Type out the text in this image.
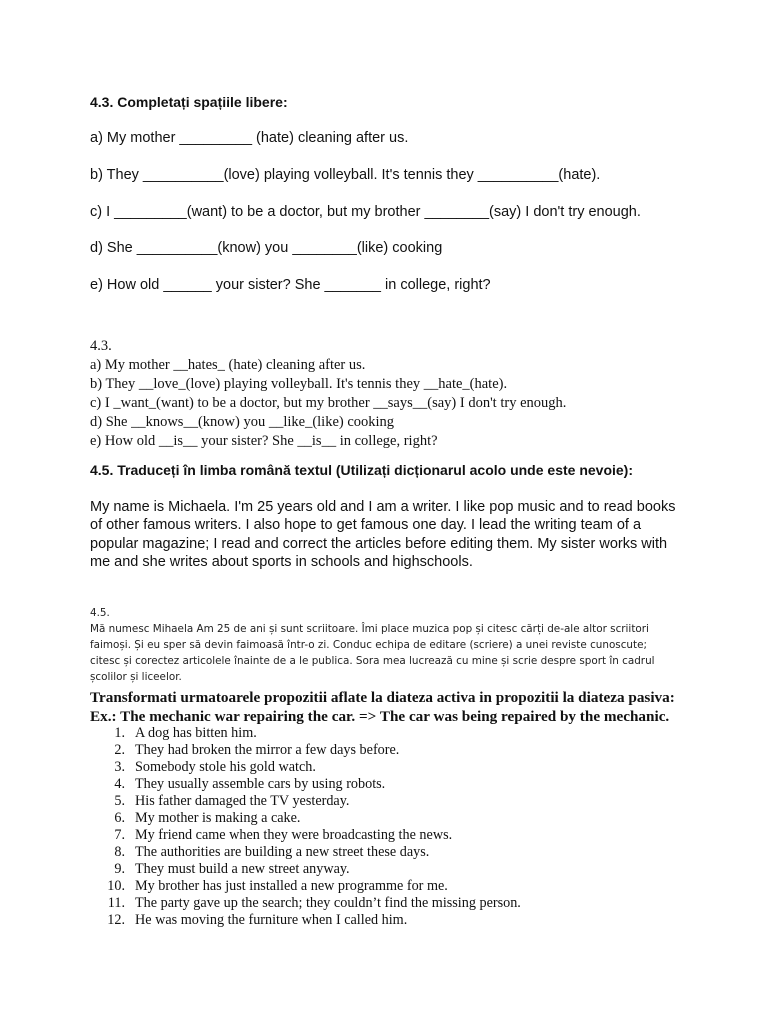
4.3. Completați spațiile libere:
a) My mother _________ (hate) cleaning after us.
b) They __________(love) playing volleyball. It's tennis they __________(hate).
c) I _________(want) to be a doctor, but my brother ________(say) I don't try enough.
d) She __________(know) you ________(like) cooking
e) How old ______ your sister? She _______ in college, right?
4.3.
a) My mother __hates_ (hate) cleaning after us.
b) They __love_(love) playing volleyball. It's tennis they __hate_(hate).
c) I _want_(want) to be a doctor, but my brother __says__(say) I don't try enough.
d) She __knows__(know) you __like_(like) cooking
e) How old __is__ your sister? She __is__ in college, right?
4.5. Traduceți în limba română textul (Utilizați dicționarul acolo unde este nevoie):
My name is Michaela. I'm 25 years old and I am a writer. I like pop music and to read books of other famous writers. I also hope to get famous one day. I lead the writing team of a popular magazine; I read and correct the articles before editing them. My sister works with me and she writes about sports in schools and highschools.
4.5.
Mă numesc Mihaela Am 25 de ani și sunt scriitoare. Îmi place muzica pop și citesc cărți de-ale altor scriitori
faimoși. Și eu sper să devin faimoasă într-o zi. Conduc echipa de editare (scriere) a unei reviste cunoscute;
citesc și corectez articolele înainte de a le publica. Sora mea lucrează cu mine și scrie despre sport în cadrul
școlilor și liceelor.
Transformati urmatoarele propozitii aflate la diateza activa in propozitii la diateza pasiva:
Ex.: The mechanic war repairing the car. => The car was being repaired by the mechanic.
1. A dog has bitten him.
2. They had broken the mirror a few days before.
3. Somebody stole his gold watch.
4. They usually assemble cars by using robots.
5. His father damaged the TV yesterday.
6. My mother is making a cake.
7. My friend came when they were broadcasting the news.
8. The authorities are building a new street these days.
9. They must build a new street anyway.
10. My brother has just installed a new programme for me.
11. The party gave up the search; they couldn’t find the missing person.
12. He was moving the furniture when I called him.
